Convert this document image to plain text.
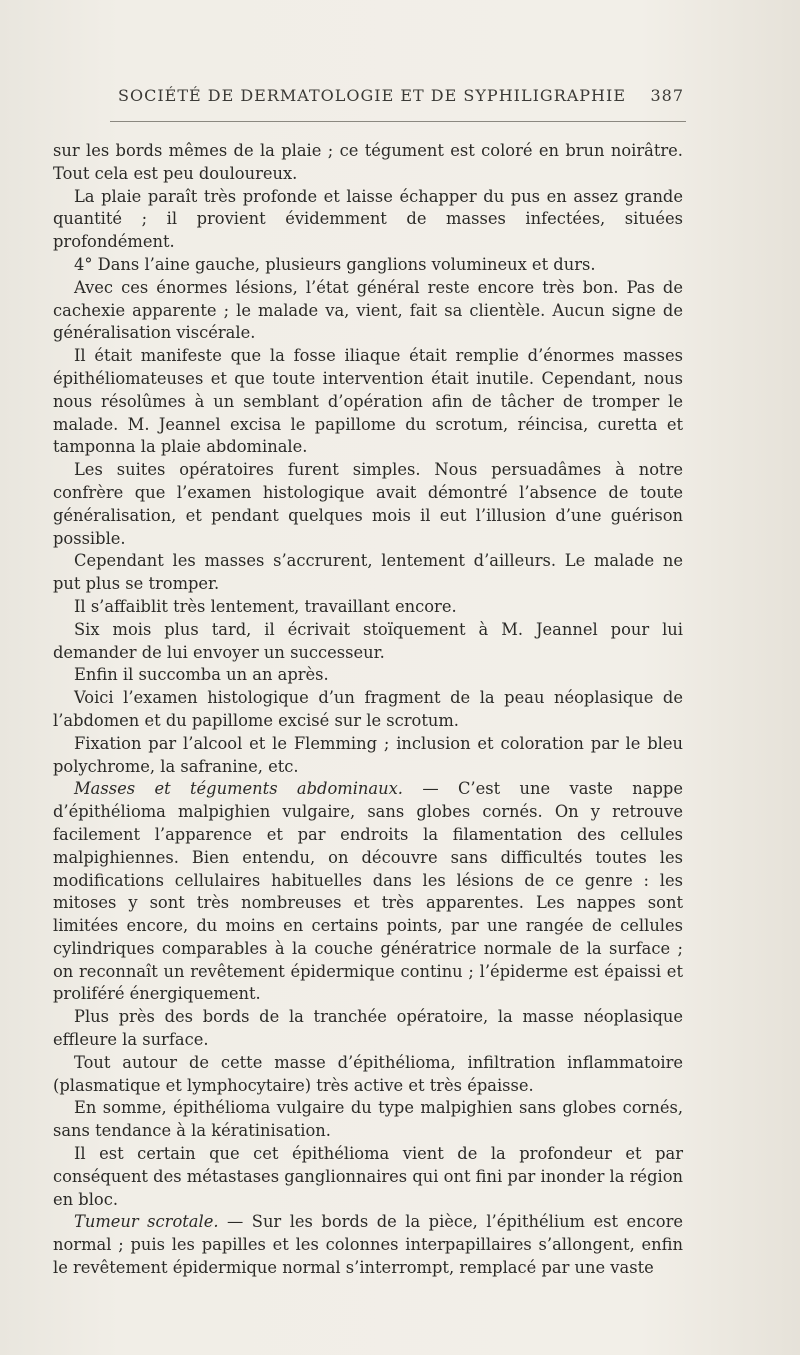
SOCIÉTÉ DE DERMATOLOGIE ET DE SYPHILIGRAPHIE 387

sur les bords mêmes de la plaie ; ce tégument est coloré en brun noirâtre. Tout cela est peu douloureux.

La plaie paraît très profonde et laisse échapper du pus en assez grande quantité ; il provient évidemment de masses infectées, situées profondément.

4° Dans l’aine gauche, plusieurs ganglions volumineux et durs.

Avec ces énormes lésions, l’état général reste encore très bon. Pas de cachexie apparente ; le malade va, vient, fait sa clientèle. Aucun signe de généralisation viscérale.

Il était manifeste que la fosse iliaque était remplie d’énormes masses épithéliomateuses et que toute intervention était inutile. Cependant, nous nous résolûmes à un semblant d’opération afin de tâcher de tromper le malade. M. Jeannel excisa le papillome du scrotum, réincisa, curetta et tamponna la plaie abdominale.

Les suites opératoires furent simples. Nous persuadâmes à notre confrère que l’examen histologique avait démontré l’absence de toute généralisation, et pendant quelques mois il eut l’illusion d’une guérison possible.

Cependant les masses s’accrurent, lentement d’ailleurs. Le malade ne put plus se tromper.

Il s’affaiblit très lentement, travaillant encore.

Six mois plus tard, il écrivait stoïquement à M. Jeannel pour lui demander de lui envoyer un successeur.

Enfin il succomba un an après.

Voici l’examen histologique d’un fragment de la peau néoplasique de l’abdomen et du papillome excisé sur le scrotum.

Fixation par l’alcool et le Flemming ; inclusion et coloration par le bleu polychrome, la safranine, etc.

Masses et téguments abdominaux. — C’est une vaste nappe d’épithélioma malpighien vulgaire, sans globes cornés. On y retrouve facilement l’apparence et par endroits la filamentation des cellules malpighiennes. Bien entendu, on découvre sans difficultés toutes les modifications cellulaires habituelles dans les lésions de ce genre : les mitoses y sont très nombreuses et très apparentes. Les nappes sont limitées encore, du moins en certains points, par une rangée de cellules cylindriques comparables à la couche génératrice normale de la surface ; on reconnaît un revêtement épidermique continu ; l’épiderme est épaissi et proliféré énergiquement.

Plus près des bords de la tranchée opératoire, la masse néoplasique effleure la surface.

Tout autour de cette masse d’épithélioma, infiltration inflammatoire (plasmatique et lymphocytaire) très active et très épaisse.

En somme, épithélioma vulgaire du type malpighien sans globes cornés, sans tendance à la kératinisation.

Il est certain que cet épithélioma vient de la profondeur et par conséquent des métastases ganglionnaires qui ont fini par inonder la région en bloc.

Tumeur scrotale. — Sur les bords de la pièce, l’épithélium est encore normal ; puis les papilles et les colonnes interpapillaires s’allongent, enfin le revêtement épidermique normal s’interrompt, remplacé par une vaste
